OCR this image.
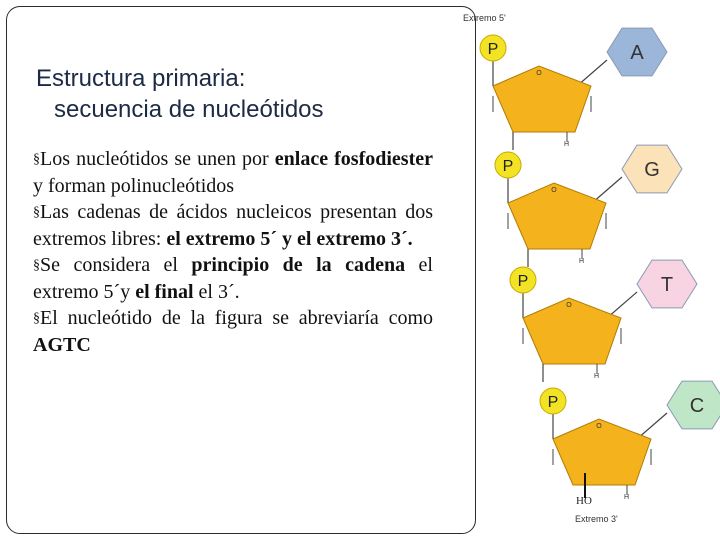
Estructura primaria:
secuencia de nucleótidos

§Los nucleótidos se unen por enlace fosfodiester y forman polinucleótidos

§Las cadenas de ácidos nucleicos presentan dos extremos libres: el extremo 5´ y el extremo 3´.

§Se considera el principio de la cadena el extremo 5´y el final el 3´.

§El nucleótido de la figura se abreviaría como AGTC

Extremo 5'
Extremo 3'
HO
P	A
O
H
P	G
O
H
P	T
O
H
P	C
O
H
